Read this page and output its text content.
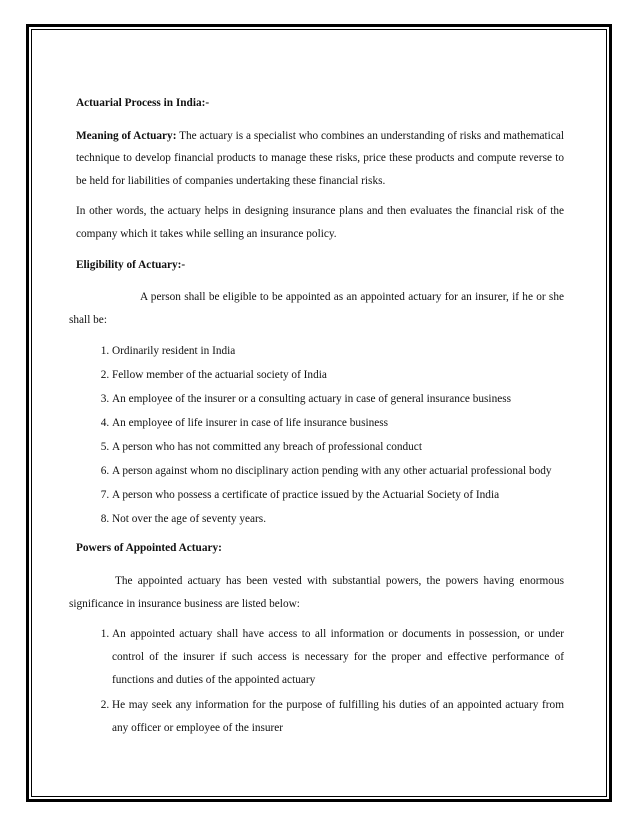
Actuarial Process in India:-

Meaning of Actuary: The actuary is a specialist who combines an understanding of risks and mathematical technique to develop financial products to manage these risks, price these products and compute reverse to be held for liabilities of companies undertaking these financial risks.

In other words, the actuary helps in designing insurance plans and then evaluates the financial risk of the company which it takes while selling an insurance policy.

Eligibility of Actuary:-

A person shall be eligible to be appointed as an appointed actuary for an insurer, if he or she shall be:

1. Ordinarily resident in India
2. Fellow member of the actuarial society of India
3. An employee of the insurer or a consulting actuary in case of general insurance business
4. An employee of life insurer in case of life insurance business
5. A person who has not committed any breach of professional conduct
6. A person against whom no disciplinary action pending with any other actuarial professional body
7. A person who possess a certificate of practice issued by the Actuarial Society of India
8. Not over the age of seventy years.
Powers of Appointed Actuary:

The appointed actuary has been vested with substantial powers, the powers having enormous significance in insurance business are listed below:

1. An appointed actuary shall have access to all information or documents in possession, or under control of the insurer if such access is necessary for the proper and effective performance of functions and duties of the appointed actuary
2. He may seek any information for the purpose of fulfilling his duties of an appointed actuary from any officer or employee of the insurer
